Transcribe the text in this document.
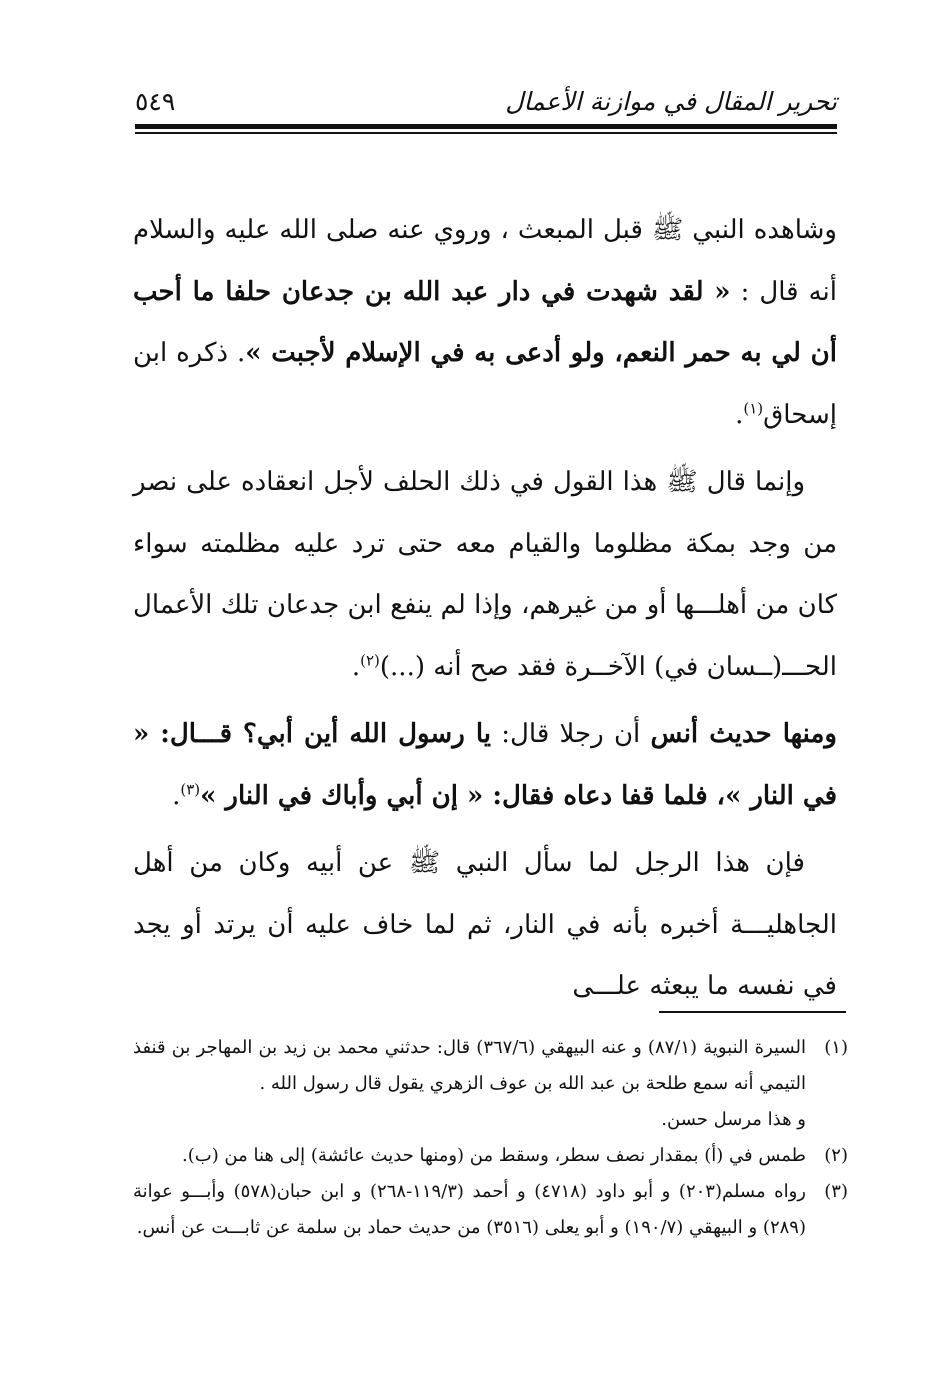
تحرير المقال في موازنة الأعمال
٥٤٩

وشاهده النبي ﷺ قبل المبعث ، وروي عنه صلى الله عليه والسلام أنه قال : « لقد شهدت في دار عبد الله بن جدعان حلفا ما أحب أن لي به حمر النعم، ولو أدعى به في الإسلام لأجبت ». ذكره ابن إسحاق$^{(١)}$.

وإنما قال ﷺ هذا القول في ذلك الحلف لأجل انعقاده على نصر من وجد بمكة مظلوما والقيام معه حتى ترد عليه مظلمته سواء كان من أهلـــها أو من غيرهم، وإذا لم ينفع ابن جدعان تلك الأعمال الحـــ(ــسان في) الآخــرة فقد صح أنه (...)$^{(٢)}$.

ومنها حديث أنس أن رجلا قال: يا رسول الله أين أبي؟ قـــال: « في النار »، فلما قفا دعاه فقال: « إن أبي وأباك في النار »$^{(٣)}$.

فإن هذا الرجل لما سأل النبي ﷺ عن أبيه وكان من أهل الجاهليـــة أخبره بأنه في النار، ثم لما خاف عليه أن يرتد أو يجد في نفسه ما يبعثه علـــى

(١)
السيرة النبوية (٨٧/١) و عنه البيهقي (٣٦٧/٦) قال: حدثني محمد بن زيد بن المهاجر بن قنفذ التيمي أنه سمع طلحة بن عبد الله بن عوف الزهري يقول قال رسول الله .

و هذا مرسل حسن.

(٢)
طمس في (أ) بمقدار نصف سطر، وسقط من (ومنها حديث عائشة) إلى هنا من (ب).

(٣)
رواه مسلم(٢٠٣) و أبو داود (٤٧١٨) و أحمد (١١٩/٣-٢٦٨) و ابن حبان(٥٧٨) وأبـــو عوانة (٢٨٩) و البيهقي (١٩٠/٧) و أبو يعلى (٣٥١٦) من حديث حماد بن سلمة عن ثابـــت عن أنس.
